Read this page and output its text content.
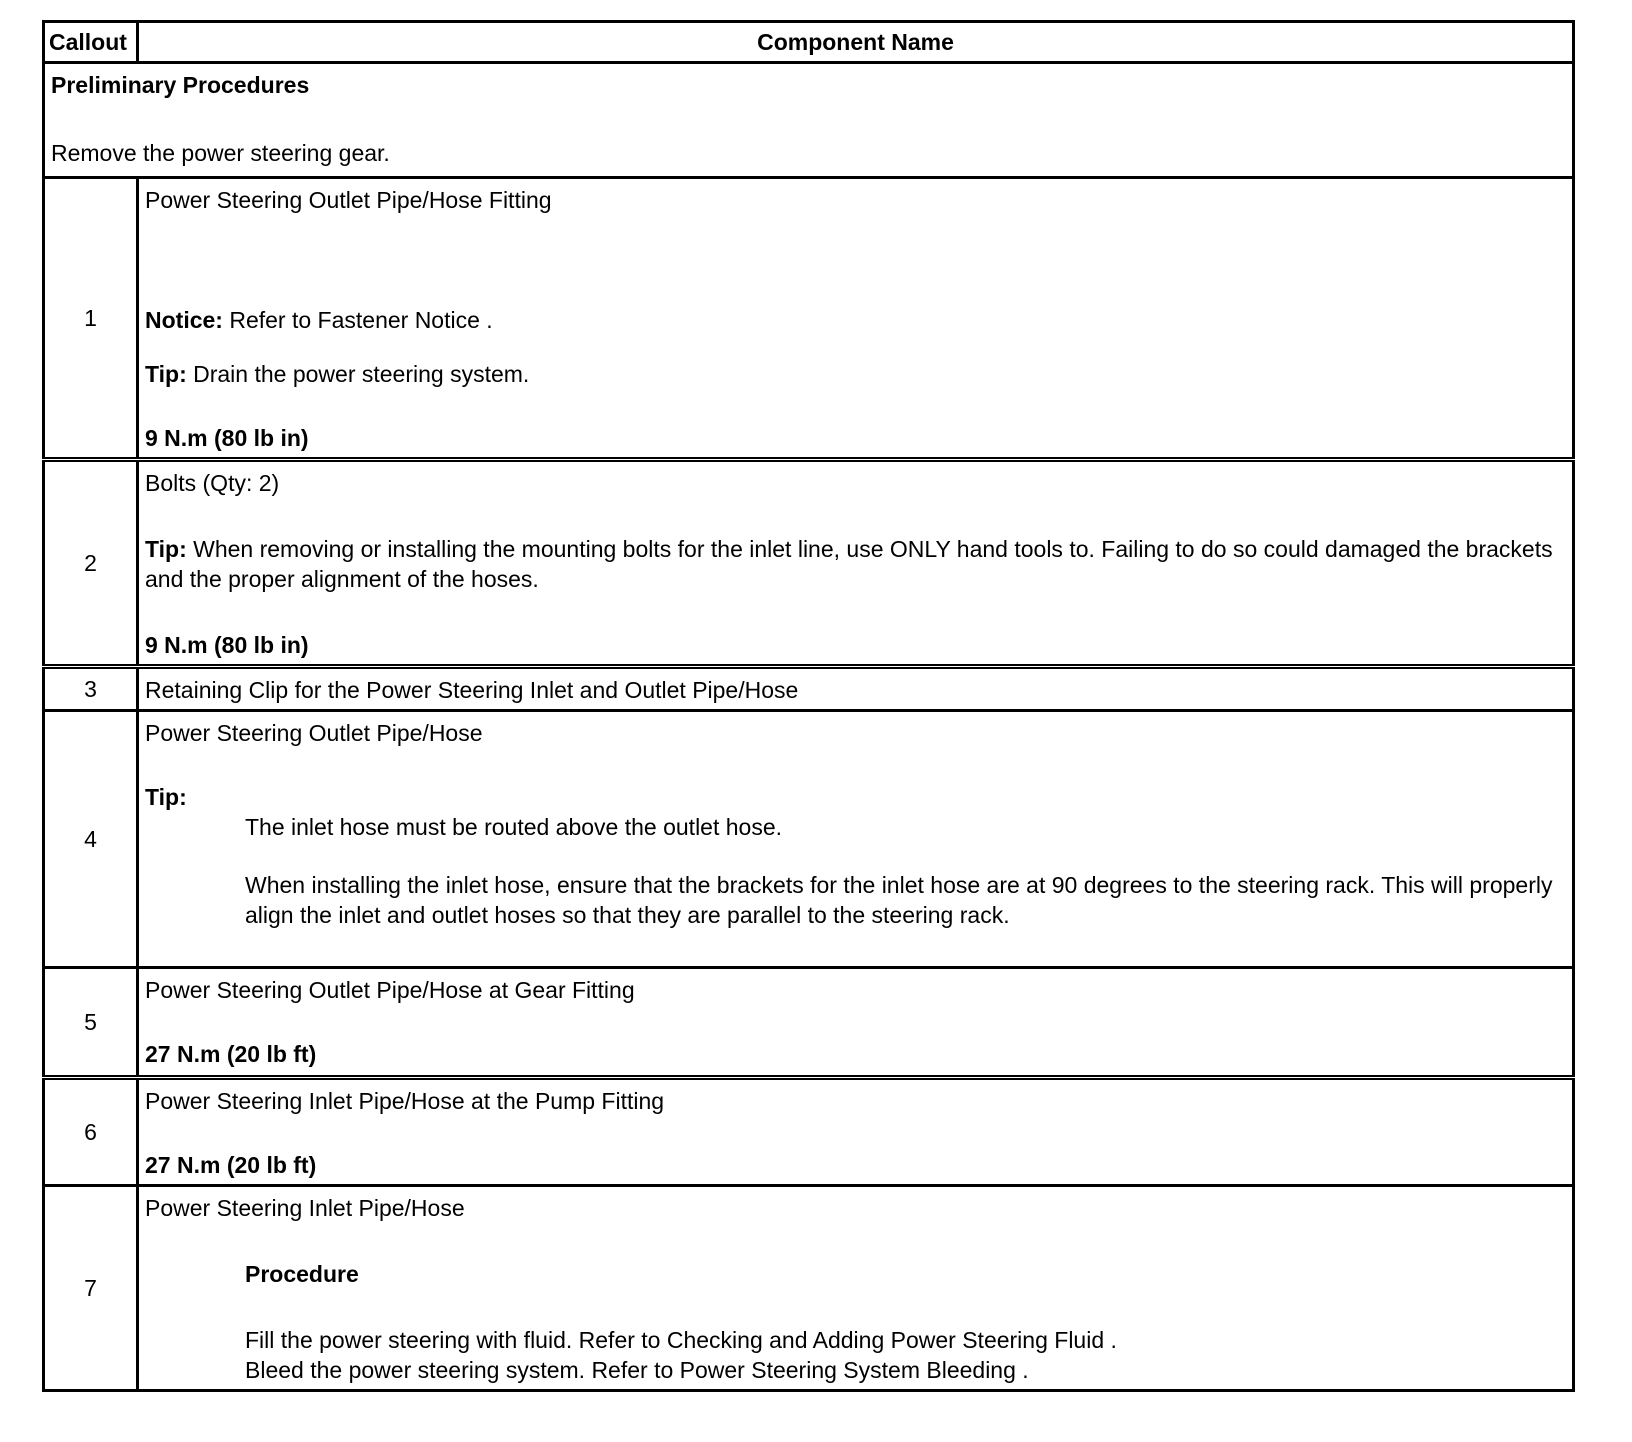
Callout	Component Name

Preliminary Procedures
Remove the power steering gear.	

1	Power Steering Outlet Pipe/Hose Fitting
Notice: Refer to Fastener Notice .
Tip: Drain the power steering system.
9 N.m (80 lb in)

2	Bolts (Qty: 2)
Tip: When removing or installing the mounting bolts for the inlet line, use ONLY hand tools to. Failing to do so could damaged the brackets and the proper alignment of the hoses.
9 N.m (80 lb in)

3	Retaining Clip for the Power Steering Inlet and Outlet Pipe/Hose

4	Power Steering Outlet Pipe/Hose
Tip:
The inlet hose must be routed above the outlet hose.
When installing the inlet hose, ensure that the brackets for the inlet hose are at 90 degrees to the steering rack. This will properly align the inlet and outlet hoses so that they are parallel to the steering rack.

5	Power Steering Outlet Pipe/Hose at Gear Fitting
27 N.m (20 lb ft)

6	Power Steering Inlet Pipe/Hose at the Pump Fitting
27 N.m (20 lb ft)

7	Power Steering Inlet Pipe/Hose
Procedure
Fill the power steering with fluid. Refer to Checking and Adding Power Steering Fluid .
Bleed the power steering system. Refer to Power Steering System Bleeding .
